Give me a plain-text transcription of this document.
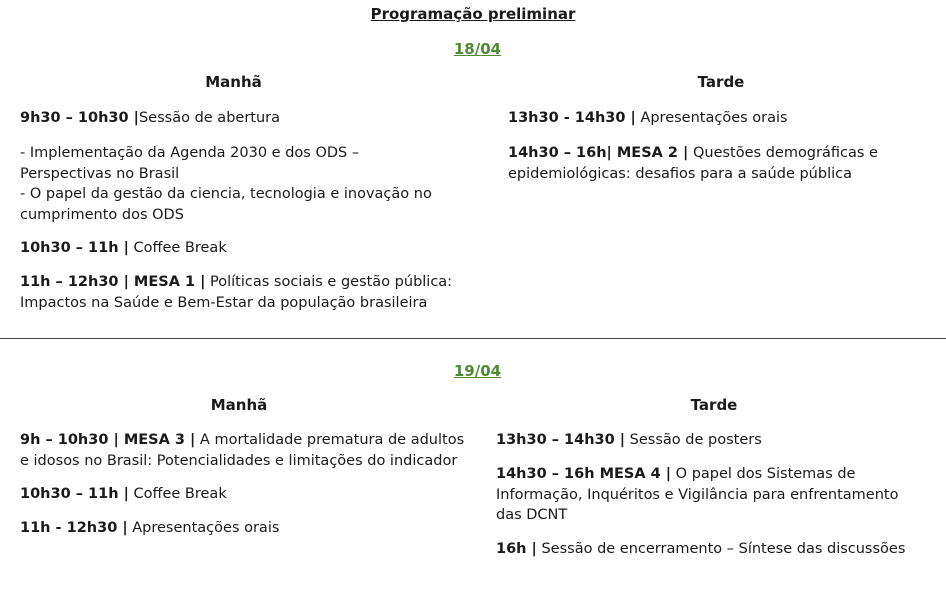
Programação preliminar
18/04
Manhã	Tarde
9h30 – 10h30 |Sessão de abertura
- Implementação da Agenda 2030 e dos ODS – Perspectivas no Brasil
- O papel da gestão da ciencia, tecnologia e inovação no cumprimento dos ODS
10h30 – 11h | Coffee Break
11h – 12h30 | MESA 1 | Políticas sociais e gestão pública: Impactos na Saúde e Bem-Estar da população brasileira
13h30 - 14h30 | Apresentações orais
14h30 – 16h| MESA 2 | Questões demográficas e epidemiológicas: desafios para a saúde pública
19/04
Manhã	Tarde
9h – 10h30 | MESA 3 | A mortalidade prematura de adultos e idosos no Brasil: Potencialidades e limitações do indicador
10h30 – 11h | Coffee Break
11h - 12h30 | Apresentações orais
13h30 – 14h30 | Sessão de posters
14h30 – 16h MESA 4 | O papel dos Sistemas de Informação, Inquéritos e Vigilância para enfrentamento das DCNT
16h | Sessão de encerramento – Síntese das discussões
